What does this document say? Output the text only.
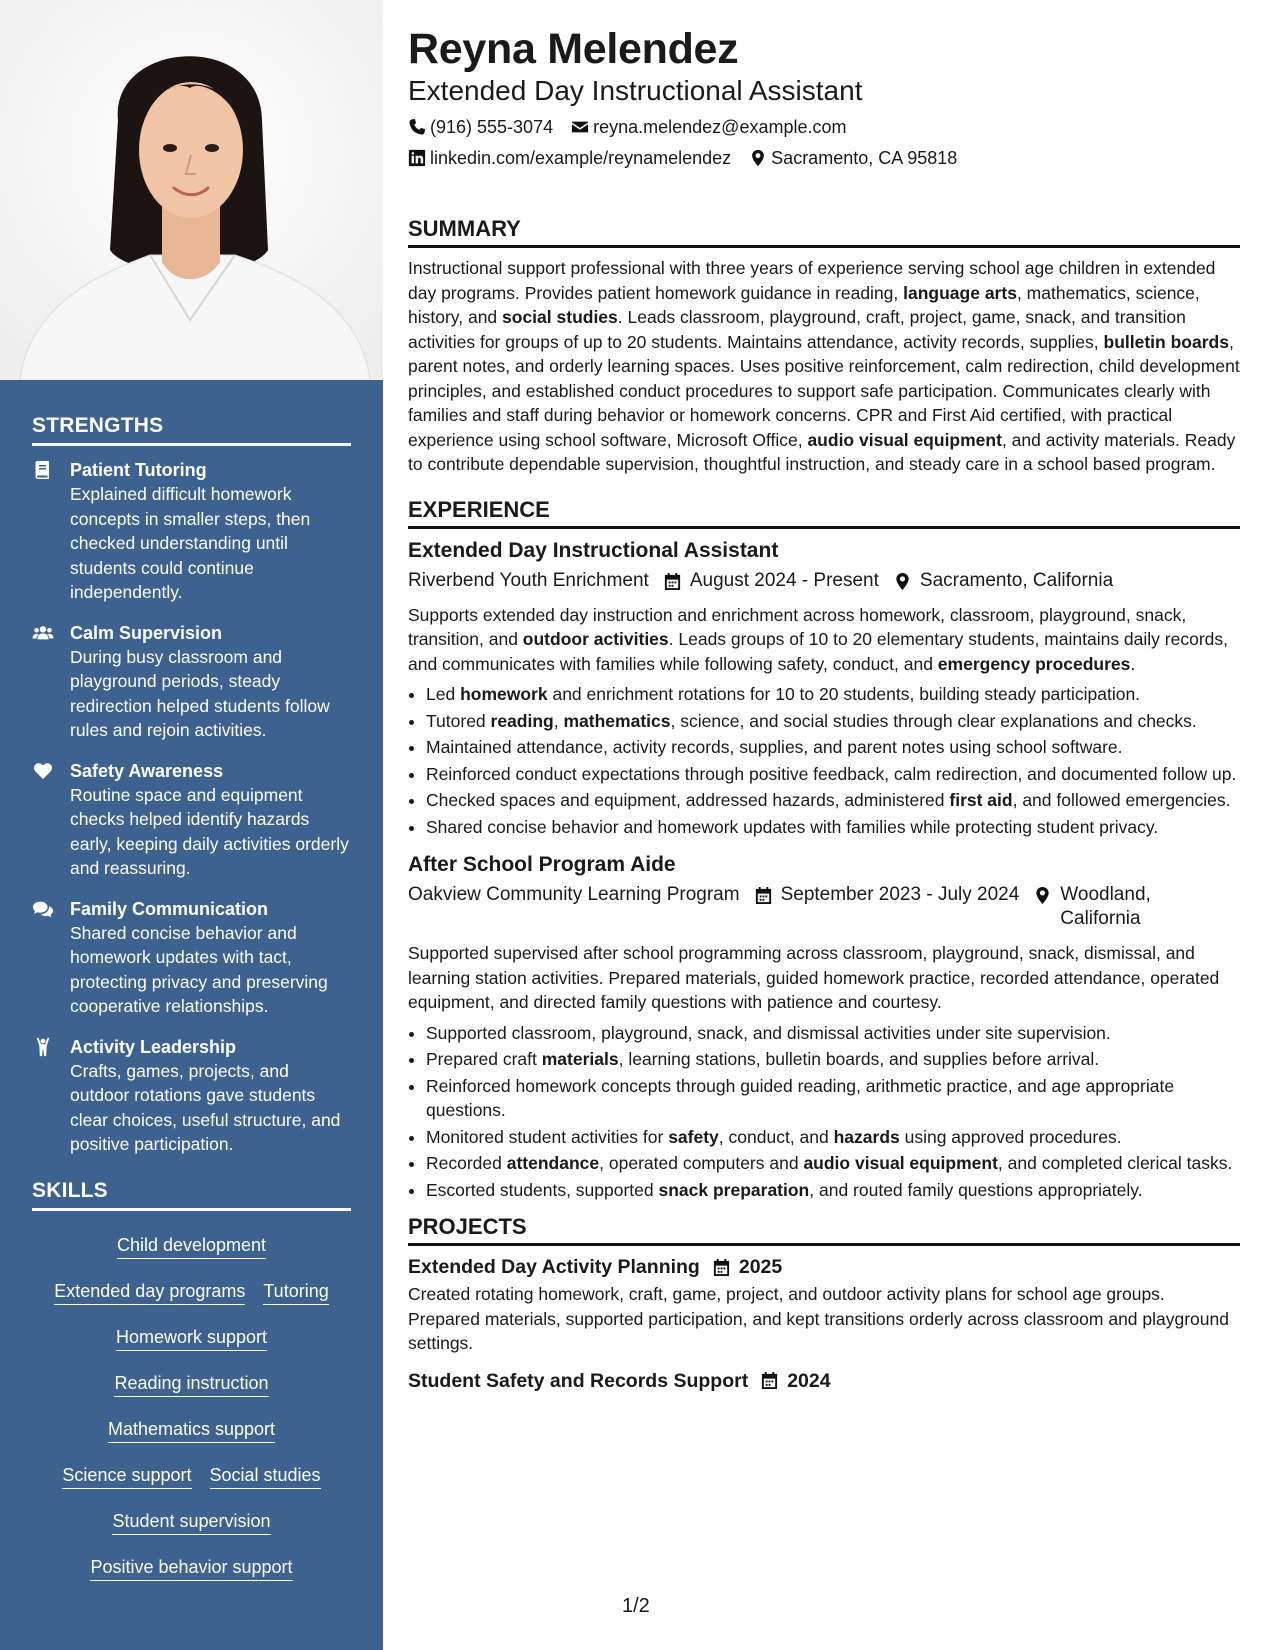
STRENGTHS
Patient Tutoring
Explained difficult homework concepts in smaller steps, then checked understanding until students could continue independently.
Calm Supervision
During busy classroom and playground periods, steady redirection helped students follow rules and rejoin activities.
Safety Awareness
Routine space and equipment checks helped identify hazards early, keeping daily activities orderly and reassuring.
Family Communication
Shared concise behavior and homework updates with tact, protecting privacy and preserving cooperative relationships.
Activity Leadership
Crafts, games, projects, and outdoor rotations gave students clear choices, useful structure, and positive participation.
SKILLS
Child development
Extended day programs Tutoring
Homework support
Reading instruction
Mathematics support
Science support Social studies
Student supervision
Positive behavior support
Reyna Melendez
Extended Day Instructional Assistant
(916) 555-3074 reyna.melendez@example.com
linkedin.com/example/reynamelendez Sacramento, CA 95818
SUMMARY

Instructional support professional with three years of experience serving school age children in extended day programs. Provides patient homework guidance in reading, language arts, mathematics, science, history, and social studies. Leads classroom, playground, craft, project, game, snack, and transition activities for groups of up to 20 students. Maintains attendance, activity records, supplies, bulletin boards, parent notes, and orderly learning spaces. Uses positive reinforcement, calm redirection, child development principles, and established conduct procedures to support safe participation. Communicates clearly with families and staff during behavior or homework concerns. CPR and First Aid certified, with practical experience using school software, Microsoft Office, audio visual equipment, and activity materials. Ready to contribute dependable supervision, thoughtful instruction, and steady care in a school based program.

EXPERIENCE
Extended Day Instructional Assistant
Riverbend Youth Enrichment August 2024 - Present Sacramento, California

Supports extended day instruction and enrichment across homework, classroom, playground, snack, transition, and outdoor activities. Leads groups of 10 to 20 elementary students, maintains daily records, and communicates with families while following safety, conduct, and emergency procedures.

• Led homework and enrichment rotations for 10 to 20 students, building steady participation.
• Tutored reading, mathematics, science, and social studies through clear explanations and checks.
• Maintained attendance, activity records, supplies, and parent notes using school software.
• Reinforced conduct expectations through positive feedback, calm redirection, and documented follow up.
• Checked spaces and equipment, addressed hazards, administered first aid, and followed emergencies.
• Shared concise behavior and homework updates with families while protecting student privacy.
After School Program Aide
Oakview Community Learning Program September 2023 - July 2024 Woodland, California

Supported supervised after school programming across classroom, playground, snack, dismissal, and learning station activities. Prepared materials, guided homework practice, recorded attendance, operated equipment, and directed family questions with patience and courtesy.

• Supported classroom, playground, snack, and dismissal activities under site supervision.
• Prepared craft materials, learning stations, bulletin boards, and supplies before arrival.
• Reinforced homework concepts through guided reading, arithmetic practice, and age appropriate questions.
• Monitored student activities for safety, conduct, and hazards using approved procedures.
• Recorded attendance, operated computers and audio visual equipment, and completed clerical tasks.
• Escorted students, supported snack preparation, and routed family questions appropriately.
PROJECTS
Extended Day Activity Planning 2025

Created rotating homework, craft, game, project, and outdoor activity plans for school age groups. Prepared materials, supported participation, and kept transitions orderly across classroom and playground settings.

Student Safety and Records Support 2024
1/2
